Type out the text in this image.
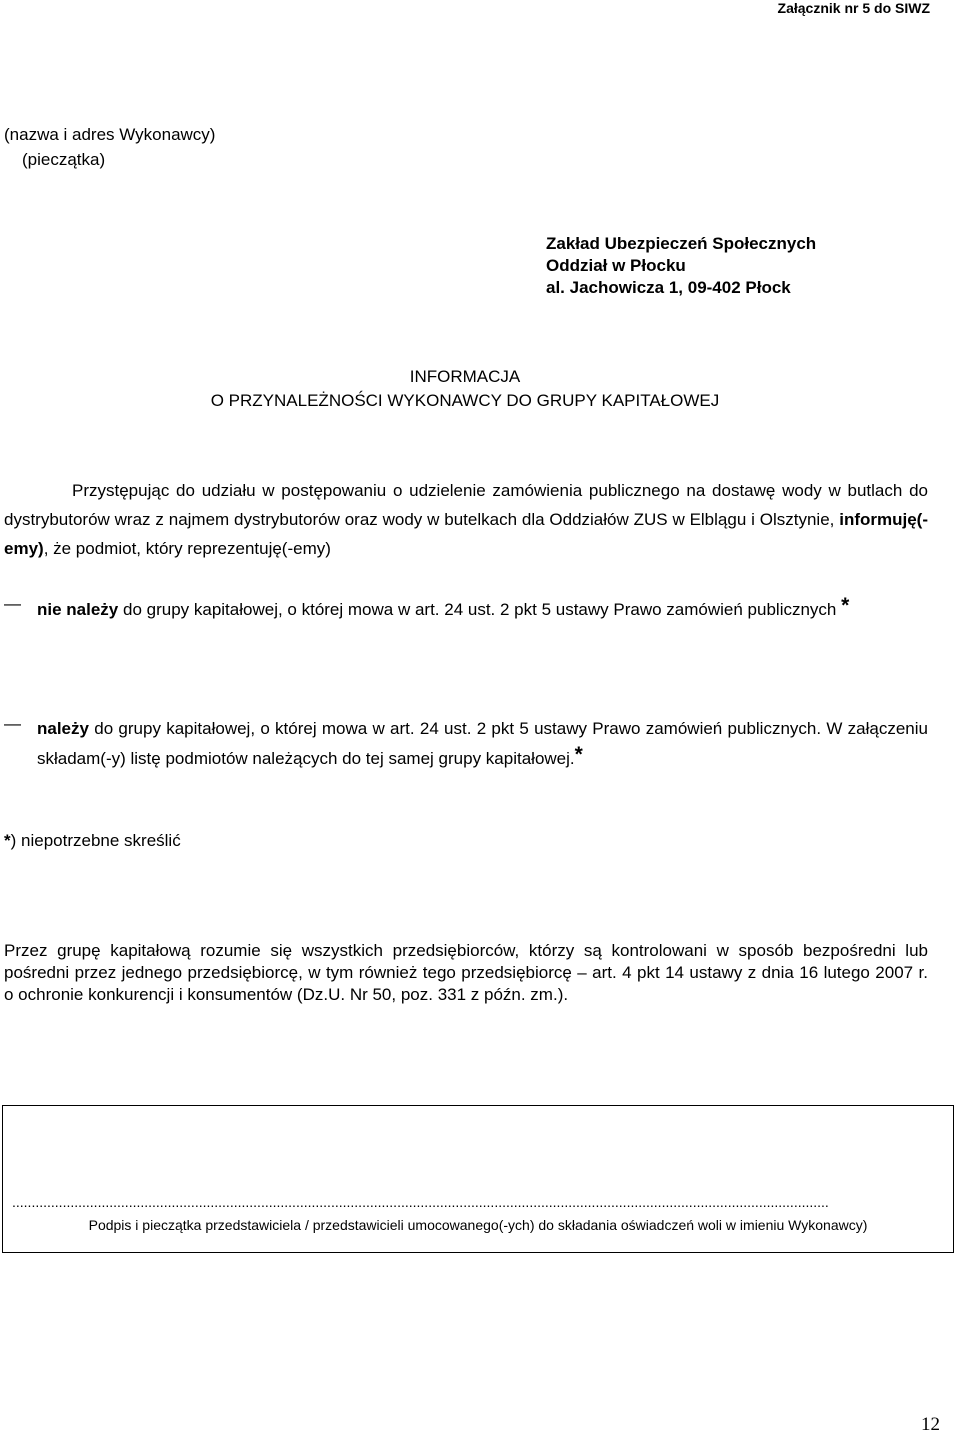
Załącznik nr 5 do SIWZ
(nazwa i adres Wykonawcy)
(pieczątka)
Zakład Ubezpieczeń Społecznych
Oddział w Płocku
al. Jachowicza 1, 09-402 Płock
INFORMACJA
O PRZYNALEŻNOŚCI WYKONAWCY DO GRUPY KAPITAŁOWEJ
Przystępując do udziału w postępowaniu o udzielenie zamówienia publicznego na dostawę wody w butlach do dystrybutorów wraz z najmem dystrybutorów oraz wody w butelkach dla Oddziałów ZUS w Elblągu i Olsztynie, informuję(-emy), że podmiot, który reprezentuję(-emy)
— nie należy do grupy kapitałowej, o której mowa w art. 24 ust. 2 pkt 5 ustawy Prawo zamówień publicznych *
— należy do grupy kapitałowej, o której mowa w art. 24 ust. 2 pkt 5 ustawy Prawo zamówień publicznych. W załączeniu składam(-y) listę podmiotów należących do tej samej grupy kapitałowej.*
*) niepotrzebne skreślić
Przez grupę kapitałową rozumie się wszystkich przedsiębiorców, którzy są kontrolowani w sposób bezpośredni lub pośredni przez jednego przedsiębiorcę, w tym również tego przedsiębiorcę – art. 4 pkt 14 ustawy z dnia 16 lutego 2007 r. o ochronie konkurencji i konsumentów (Dz.U. Nr 50, poz. 331 z późn. zm.).
..................................................................................................................................................................................................................
Podpis i pieczątka przedstawiciela / przedstawicieli umocowanego(-ych) do składania oświadczeń woli w imieniu Wykonawcy)
12
